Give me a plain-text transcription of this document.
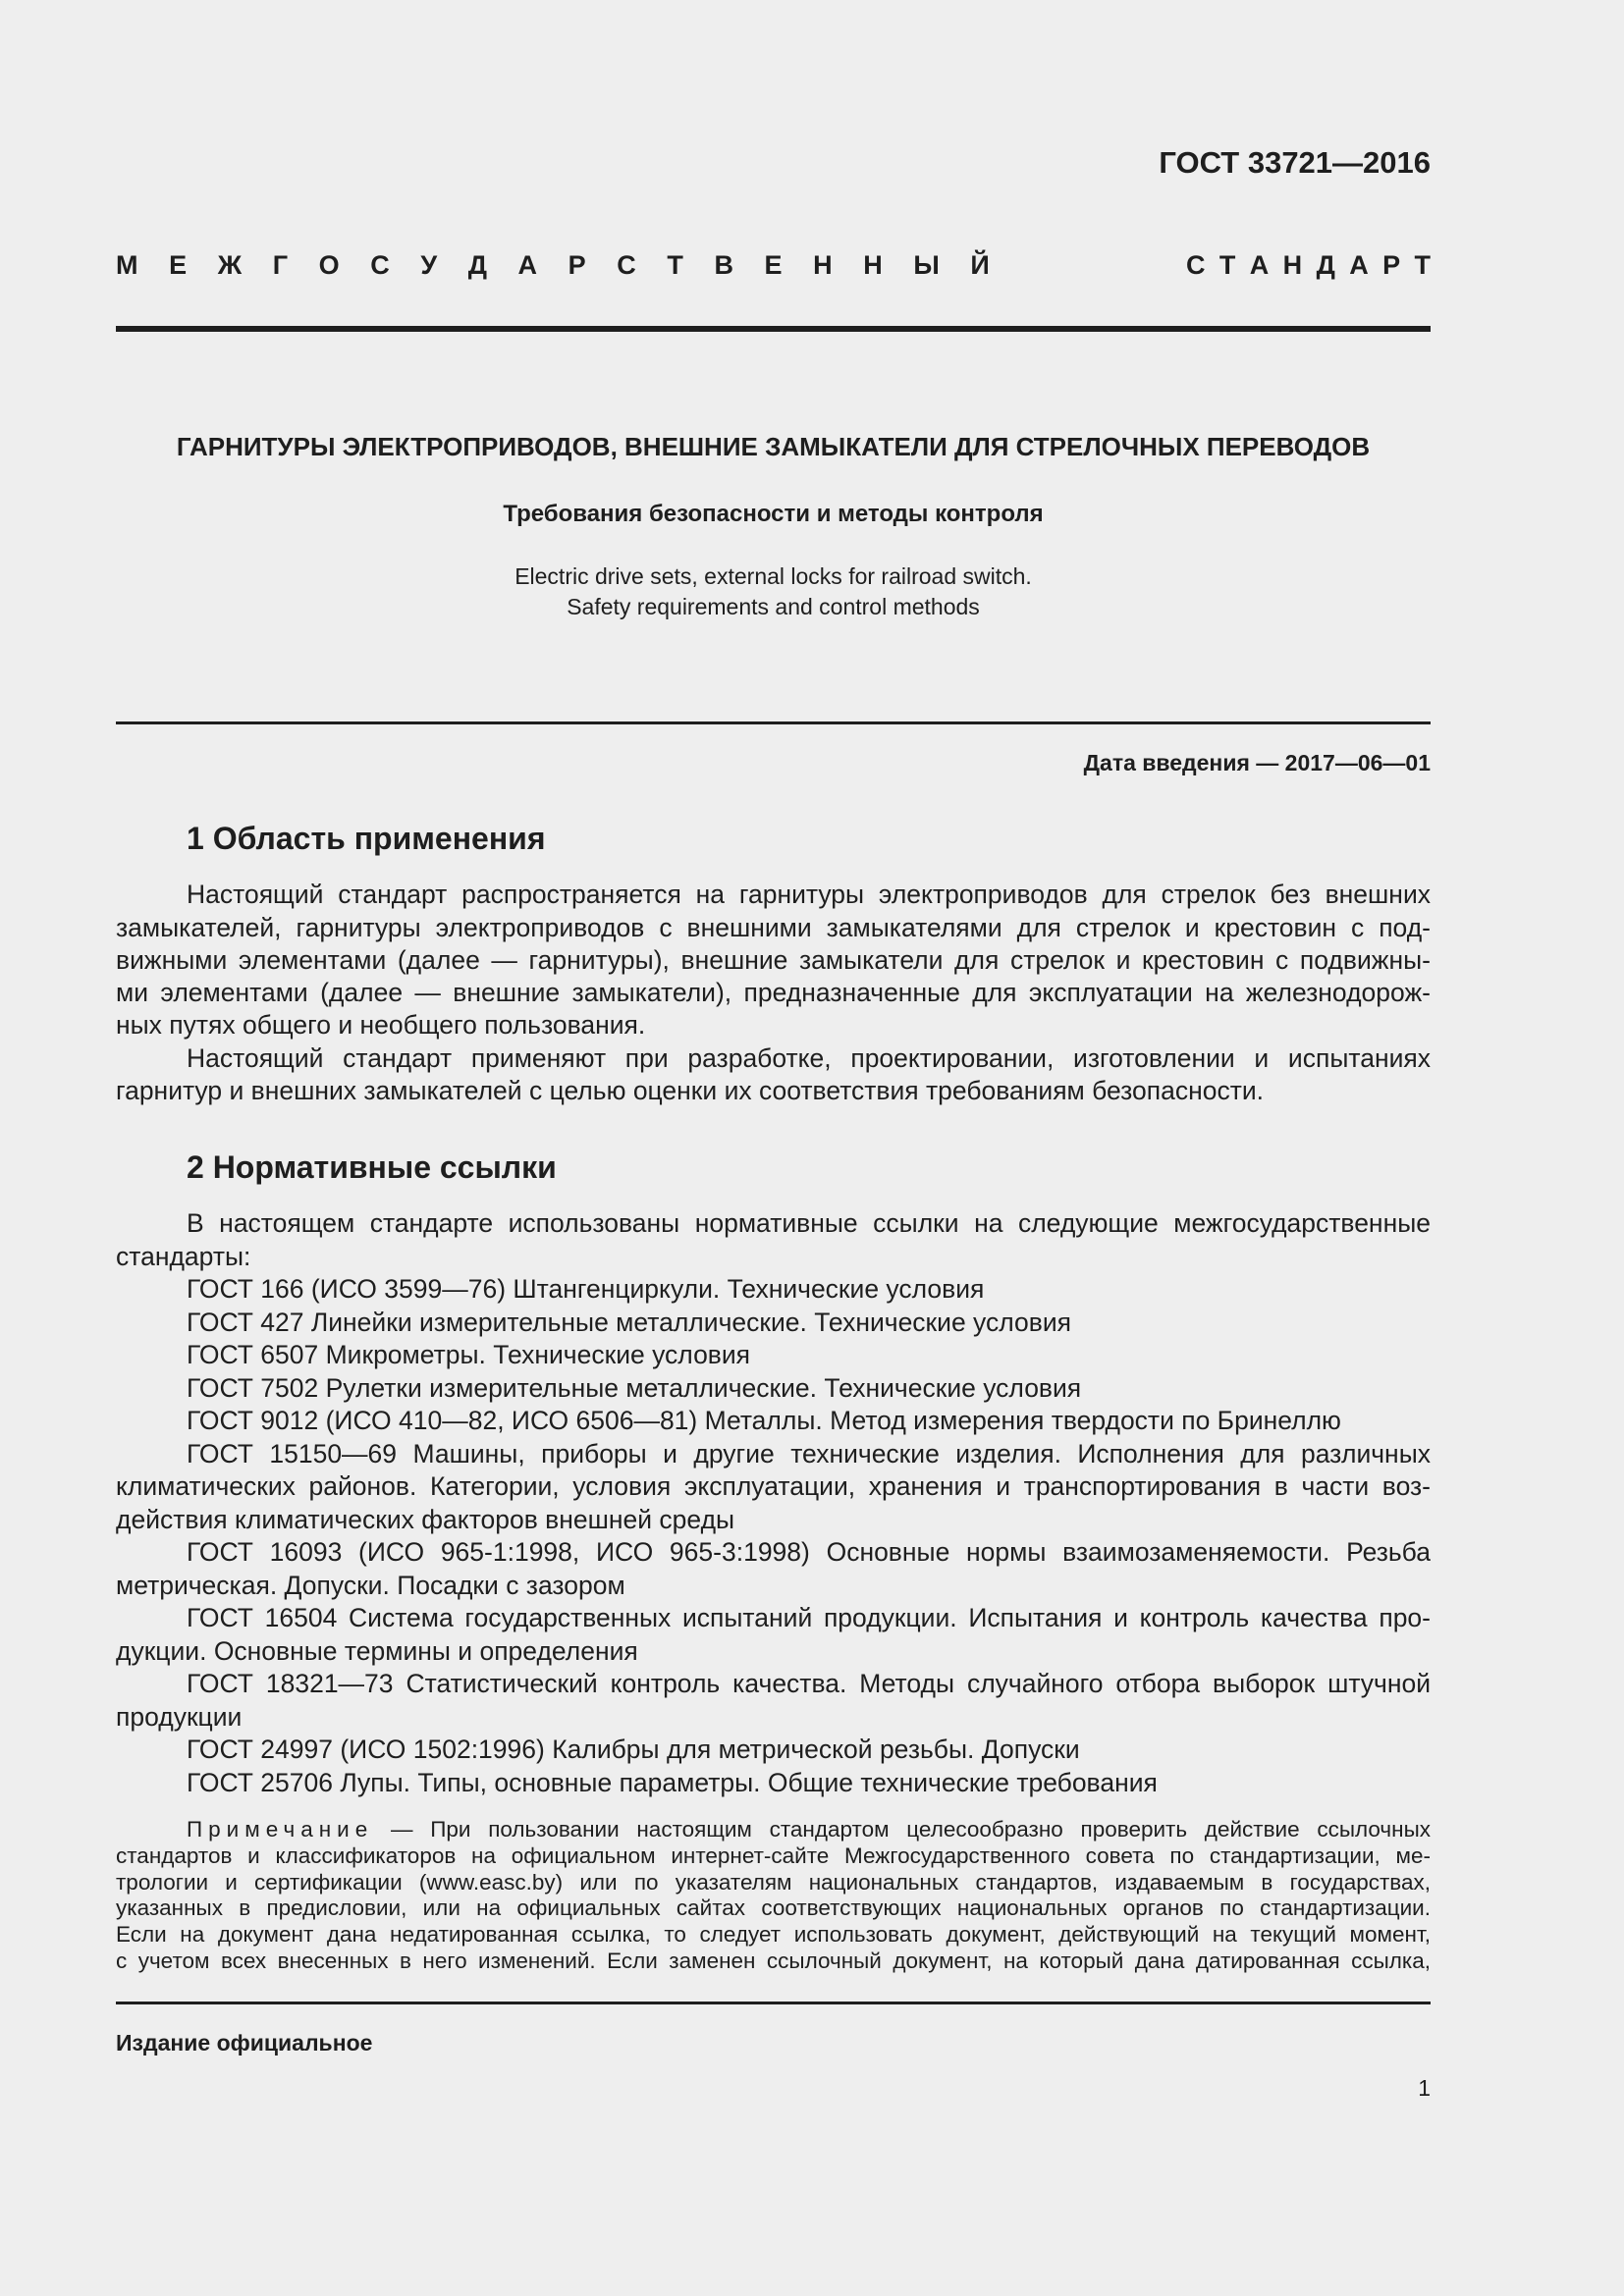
ГОСТ 33721—2016
М Е Ж Г О С У Д А Р С Т В Е Н Н Ы Й	С Т А Н Д А Р Т
ГАРНИТУРЫ ЭЛЕКТРОПРИВОДОВ, ВНЕШНИЕ ЗАМЫКАТЕЛИ ДЛЯ СТРЕЛОЧНЫХ ПЕРЕВОДОВ
Требования безопасности и методы контроля
Electric drive sets, external locks for railroad switch.
Safety requirements and control methods
Дата введения — 2017—06—01
1 Область применения
Настоящий стандарт распространяется на гарнитуры электроприводов для стрелок без внешних
замыкателей, гарнитуры электроприводов с внешними замыкателями для стрелок и крестовин с под-
вижными элементами (далее — гарнитуры), внешние замыкатели для стрелок и крестовин с подвижны-
ми элементами (далее — внешние замыкатели), предназначенные для эксплуатации на железнодорож-
ных путях общего и необщего пользования.
Настоящий стандарт применяют при разработке, проектировании, изготовлении и испытаниях
гарнитур и внешних замыкателей с целью оценки их соответствия требованиям безопасности.
2 Нормативные ссылки
В настоящем стандарте использованы нормативные ссылки на следующие межгосударственные
стандарты:
ГОСТ 166 (ИСО 3599—76) Штангенциркули. Технические условия
ГОСТ 427 Линейки измерительные металлические. Технические условия
ГОСТ 6507 Микрометры. Технические условия
ГОСТ 7502 Рулетки измерительные металлические. Технические условия
ГОСТ 9012 (ИСО 410—82, ИСО 6506—81) Металлы. Метод измерения твердости по Бринеллю
ГОСТ 15150—69 Машины, приборы и другие технические изделия. Исполнения для различных
климатических районов. Категории, условия эксплуатации, хранения и транспортирования в части воз-
действия климатических факторов внешней среды
ГОСТ 16093 (ИСО 965-1:1998, ИСО 965-3:1998) Основные нормы взаимозаменяемости. Резьба
метрическая. Допуски. Посадки с зазором
ГОСТ 16504 Система государственных испытаний продукции. Испытания и контроль качества про-
дукции. Основные термины и определения
ГОСТ 18321—73 Статистический контроль качества. Методы случайного отбора выборок штучной
продукции
ГОСТ 24997 (ИСО 1502:1996) Калибры для метрической резьбы. Допуски
ГОСТ 25706 Лупы. Типы, основные параметры. Общие технические требования
Примечание — При пользовании настоящим стандартом целесообразно проверить действие ссылочных
стандартов и классификаторов на официальном интернет-сайте Межгосударственного совета по стандартизации, ме-
трологии и сертификации (www.easc.by) или по указателям национальных стандартов, издаваемым в государствах,
указанных в предисловии, или на официальных сайтах соответствующих национальных органов по стандартизации.
Если на документ дана недатированная ссылка, то следует использовать документ, действующий на текущий момент,
с учетом всех внесенных в него изменений. Если заменен ссылочный документ, на который дана датированная ссылка,
Издание официальное
1
